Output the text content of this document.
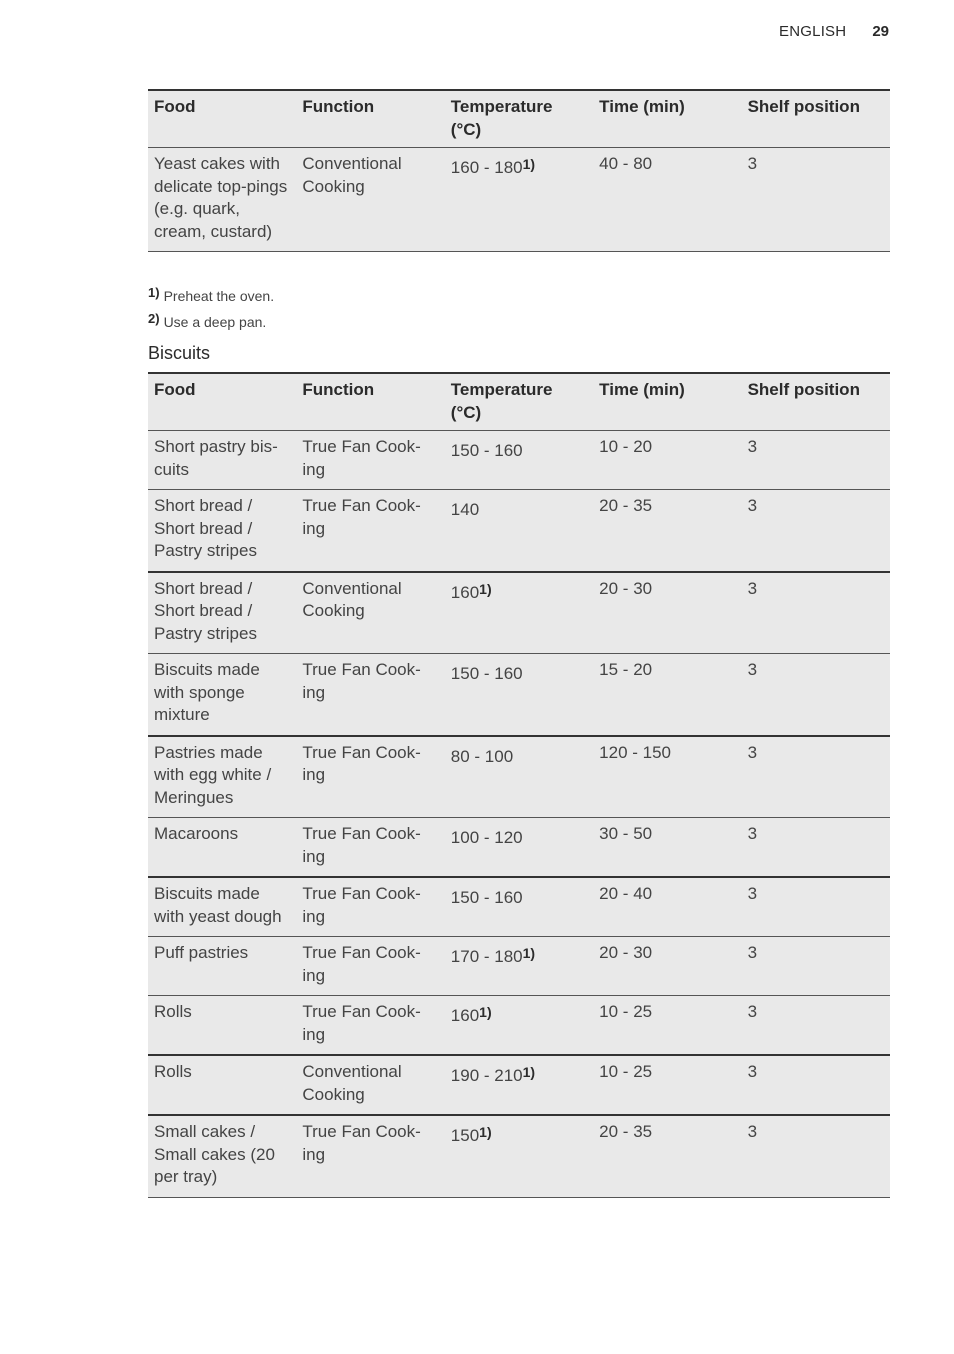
ENGLISH 29
Food	Function	Temperature (°C)	Time (min)	Shelf position
Yeast cakes with delicate top-pings (e.g. quark, cream, custard)	Conventional Cooking	160 - 180$^{1)}$	40 - 80	3
1) Preheat the oven.
2) Use a deep pan.
Biscuits
Food	Function	Temperature (°C)	Time (min)	Shelf position
Short pastry bis-cuits	True Fan Cook-ing	150 - 160	10 - 20	3
Short bread / Short bread / Pastry stripes	True Fan Cook-ing	140	20 - 35	3
Short bread / Short bread / Pastry stripes	Conventional Cooking	160$^{1)}$	20 - 30	3
Biscuits made with sponge mixture	True Fan Cook-ing	150 - 160	15 - 20	3
Pastries made with egg white / Meringues	True Fan Cook-ing	80 - 100	120 - 150	3
Macaroons	True Fan Cook-ing	100 - 120	30 - 50	3
Biscuits made with yeast dough	True Fan Cook-ing	150 - 160	20 - 40	3
Puff pastries	True Fan Cook-ing	170 - 180$^{1)}$	20 - 30	3
Rolls	True Fan Cook-ing	160$^{1)}$	10 - 25	3
Rolls	Conventional Cooking	190 - 210$^{1)}$	10 - 25	3
Small cakes / Small cakes (20 per tray)	True Fan Cook-ing	150$^{1)}$	20 - 35	3
